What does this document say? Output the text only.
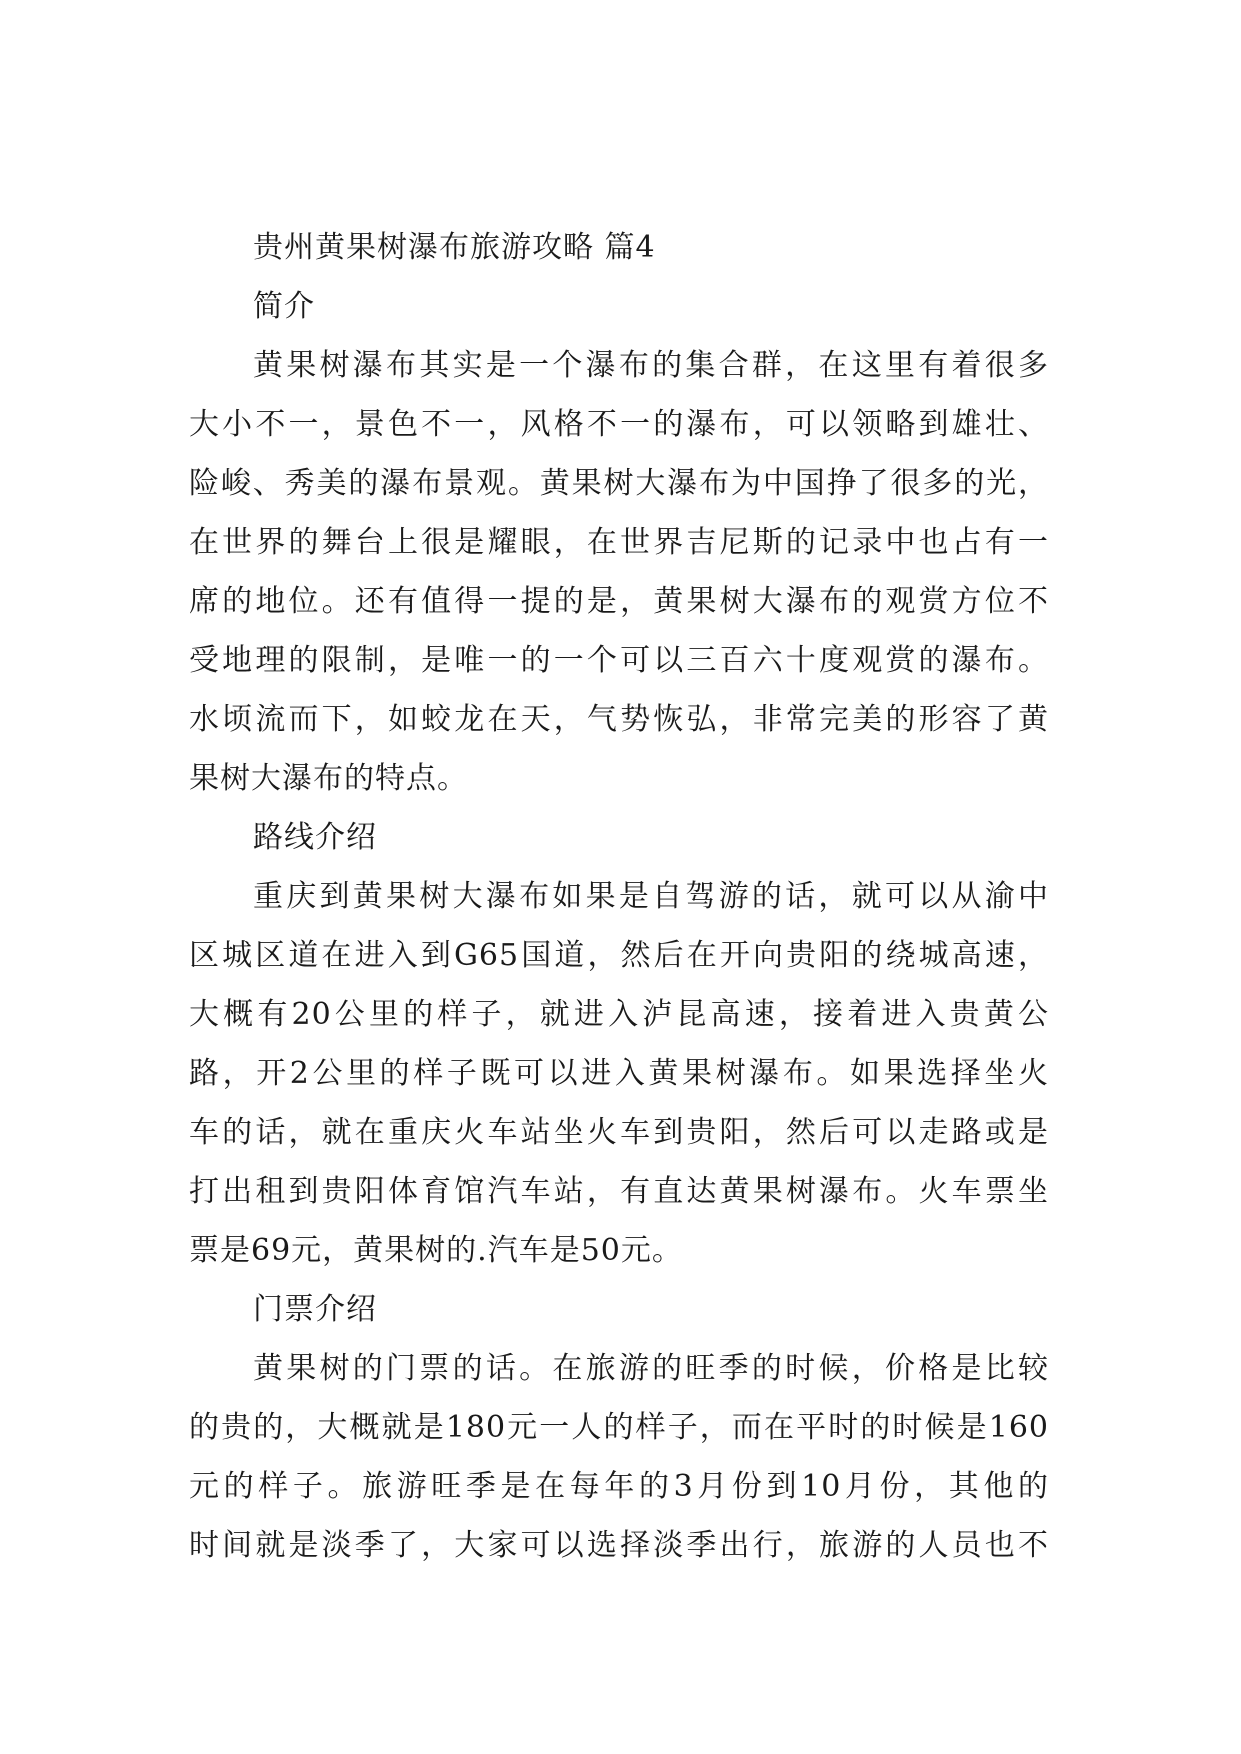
贵州黄果树瀑布旅游攻略 篇4
简介
黄果树瀑布其实是一个瀑布的集合群，在这里有着很多
大小不一，景色不一，风格不一的瀑布，可以领略到雄壮、
险峻、秀美的瀑布景观。黄果树大瀑布为中国挣了很多的光，
在世界的舞台上很是耀眼，在世界吉尼斯的记录中也占有一
席的地位。还有值得一提的是，黄果树大瀑布的观赏方位不
受地理的限制，是唯一的一个可以三百六十度观赏的瀑布。
水顷流而下，如蛟龙在天，气势恢弘，非常完美的形容了黄
果树大瀑布的特点。
路线介绍
重庆到黄果树大瀑布如果是自驾游的话，就可以从渝中
区城区道在进入到G65国道，然后在开向贵阳的绕城高速，
大概有20公里的样子，就进入泸昆高速，接着进入贵黄公
路，开2公里的样子既可以进入黄果树瀑布。如果选择坐火
车的话，就在重庆火车站坐火车到贵阳，然后可以走路或是
打出租到贵阳体育馆汽车站，有直达黄果树瀑布。火车票坐
票是69元，黄果树的.汽车是50元。
门票介绍
黄果树的门票的话。在旅游的旺季的时候，价格是比较
的贵的，大概就是180元一人的样子，而在平时的时候是160
元的样子。旅游旺季是在每年的3月份到10月份，其他的
时间就是淡季了，大家可以选择淡季出行，旅游的人员也不
